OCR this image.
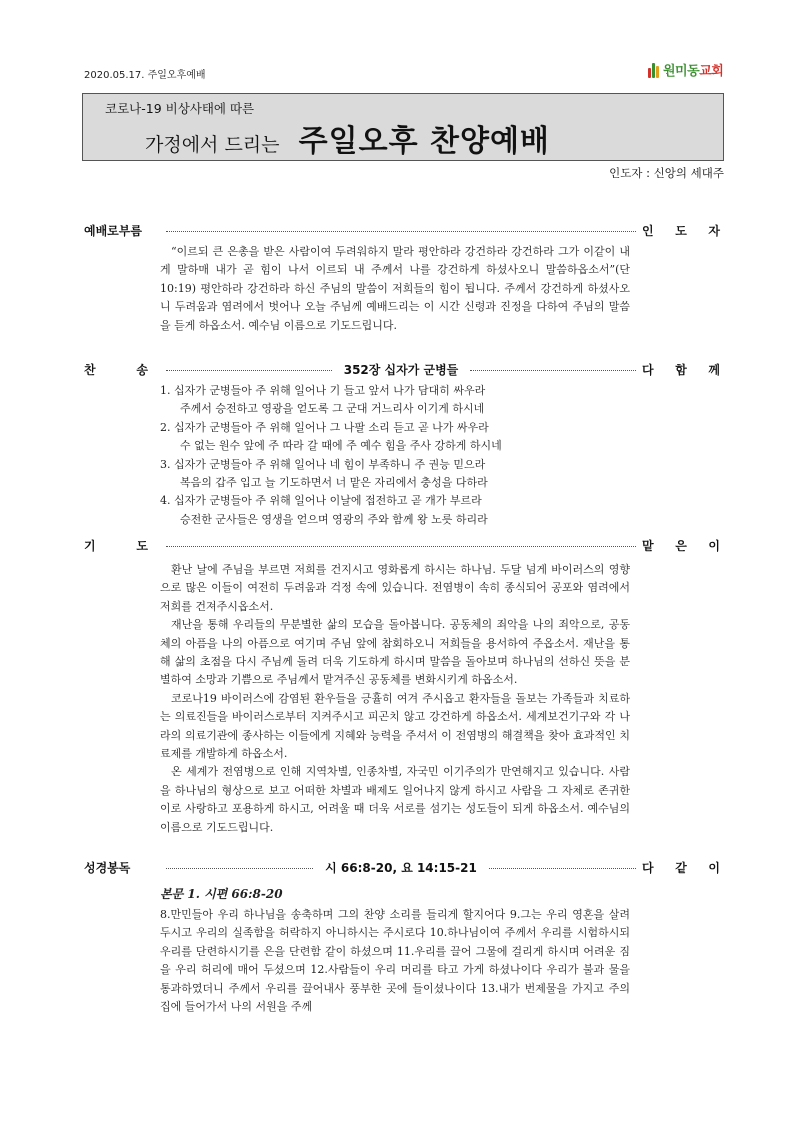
2020.05.17. 주일오후예배	원미동 교회
코로나-19 비상사태에 따른
가정에서 드리는 주일오후 찬양예배
인도자 : 신앙의 세대주
예배로부름	인 도 자

“이르되 큰 은총을 받은 사람이여 두려워하지 말라 평안하라 강건하라 강건하라 그가 이같이 내게 말하매 내가 곧 힘이 나서 이르되 내 주께서 나를 강건하게 하셨사오니 말씀하옵소서”(단10:19) 평안하라 강건하라 하신 주님의 말씀이 저희들의 힘이 됩니다. 주께서 강건하게 하셨사오니 두려움과 염려에서 벗어나 오늘 주님께 예배드리는 이 시간 신령과 진정을 다하여 주님의 말씀을 듣게 하옵소서. 예수님 이름으로 기도드립니다.

찬	송	352장 십자가 군병들	다 함 께
1. 십자가 군병들아 주 위해 일어나 기 들고 앞서 나가 담대히 싸우라
주께서 승전하고 영광을 얻도록 그 군대 거느리사 이기게 하시네
2. 십자가 군병들아 주 위해 일어나 그 나팔 소리 듣고 곧 나가 싸우라
수 없는 원수 앞에 주 따라 갈 때에 주 예수 힘을 주사 강하게 하시네
3. 십자가 군병들아 주 위해 일어나 네 힘이 부족하니 주 권능 믿으라
복음의 갑주 입고 늘 기도하면서 너 맡은 자리에서 충성을 다하라
4. 십자가 군병들아 주 위해 일어나 이날에 접전하고 곧 개가 부르라
승전한 군사들은 영생을 얻으며 영광의 주와 함께 왕 노릇 하리라
기	도	맡 은 이

환난 날에 주님을 부르면 저희를 건지시고 영화롭게 하시는 하나님. 두달 넘게 바이러스의 영향으로 많은 이들이 여전히 두려움과 걱정 속에 있습니다. 전염병이 속히 종식되어 공포와 염려에서 저희를 건져주시옵소서.

재난을 통해 우리들의 무분별한 삶의 모습을 돌아봅니다. 공동체의 죄악을 나의 죄악으로, 공동체의 아픔을 나의 아픔으로 여기며 주님 앞에 참회하오니 저희들을 용서하여 주옵소서. 재난을 통해 삶의 초점을 다시 주님께 돌려 더욱 기도하게 하시며 말씀을 돌아보며 하나님의 선하신 뜻을 분별하여 소망과 기쁨으로 주님께서 맡겨주신 공동체를 변화시키게 하옵소서.

코로나19 바이러스에 감염된 환우들을 긍휼히 여겨 주시옵고 환자들을 돌보는 가족들과 치료하는 의료진들을 바이러스로부터 지켜주시고 피곤치 않고 강건하게 하옵소서. 세계보건기구와 각 나라의 의료기관에 종사하는 이들에게 지혜와 능력을 주셔서 이 전염병의 해결책을 찾아 효과적인 치료제를 개발하게 하옵소서.

온 세계가 전염병으로 인해 지역차별, 인종차별, 자국민 이기주의가 만연해지고 있습니다. 사람을 하나님의 형상으로 보고 어떠한 차별과 배제도 일어나지 않게 하시고 사람을 그 자체로 존귀한 이로 사랑하고 포용하게 하시고, 어려울 때 더욱 서로를 섬기는 성도들이 되게 하옵소서. 예수님의 이름으로 기도드립니다.

성경봉독	시 66:8-20, 요 14:15-21	다 같 이
본문 1. 시편 66:8-20

8.만민들아 우리 하나님을 송축하며 그의 찬양 소리를 들리게 할지어다 9.그는 우리 영혼을 살려 두시고 우리의 실족함을 허락하지 아니하시는 주시로다 10.하나님이여 주께서 우리를 시험하시되 우리를 단련하시기를 은을 단련함 같이 하셨으며 11.우리를 끌어 그물에 걸리게 하시며 어려운 짐을 우리 허리에 매어 두셨으며 12.사람들이 우리 머리를 타고 가게 하셨나이다 우리가 불과 물을 통과하였더니 주께서 우리를 끌어내사 풍부한 곳에 들이셨나이다 13.내가 번제물을 가지고 주의 집에 들어가서 나의 서원을 주께
